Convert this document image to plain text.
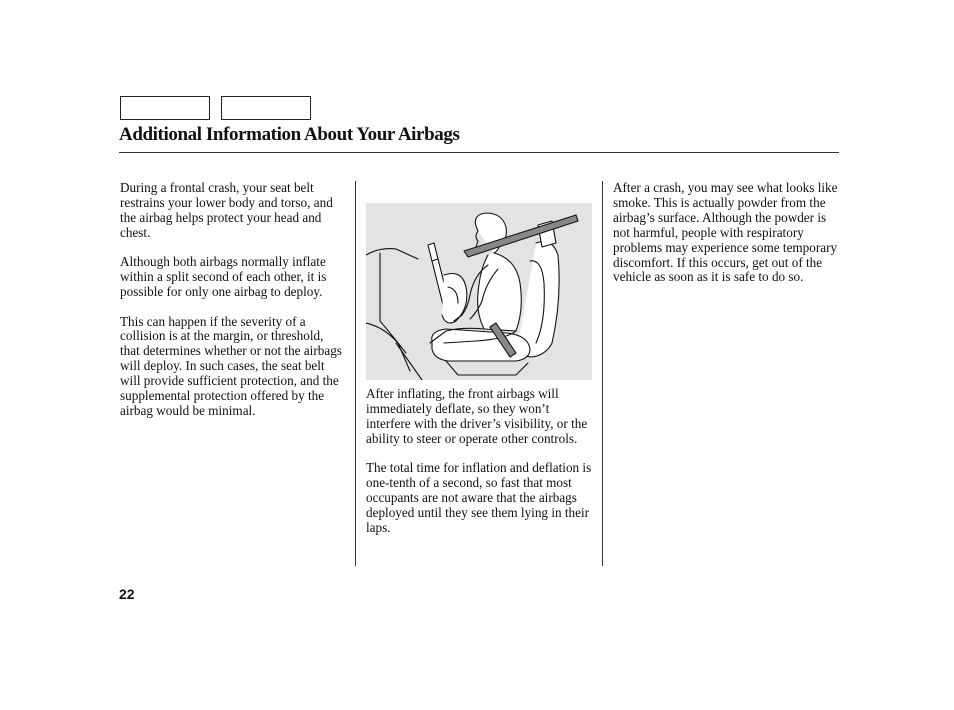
Additional Information About Your Airbags

During a frontal crash, your seat belt restrains your lower body and torso, and the airbag helps protect your head and chest.

Although both airbags normally inflate within a split second of each other, it is possible for only one airbag to deploy.

This can happen if the severity of a collision is at the margin, or threshold, that determines whether or not the airbags will deploy. In such cases, the seat belt will provide sufficient protection, and the supplemental protection offered by the airbag would be minimal.

After inflating, the front airbags will immediately deflate, so they won’t interfere with the driver’s visibility, or the ability to steer or operate other controls.

The total time for inflation and deflation is one-tenth of a second, so fast that most occupants are not aware that the airbags deployed until they see them lying in their laps.

After a crash, you may see what looks like smoke. This is actually powder from the airbag’s surface. Although the powder is not harmful, people with respiratory problems may experience some temporary discomfort. If this occurs, get out of the vehicle as soon as it is safe to do so.

22
